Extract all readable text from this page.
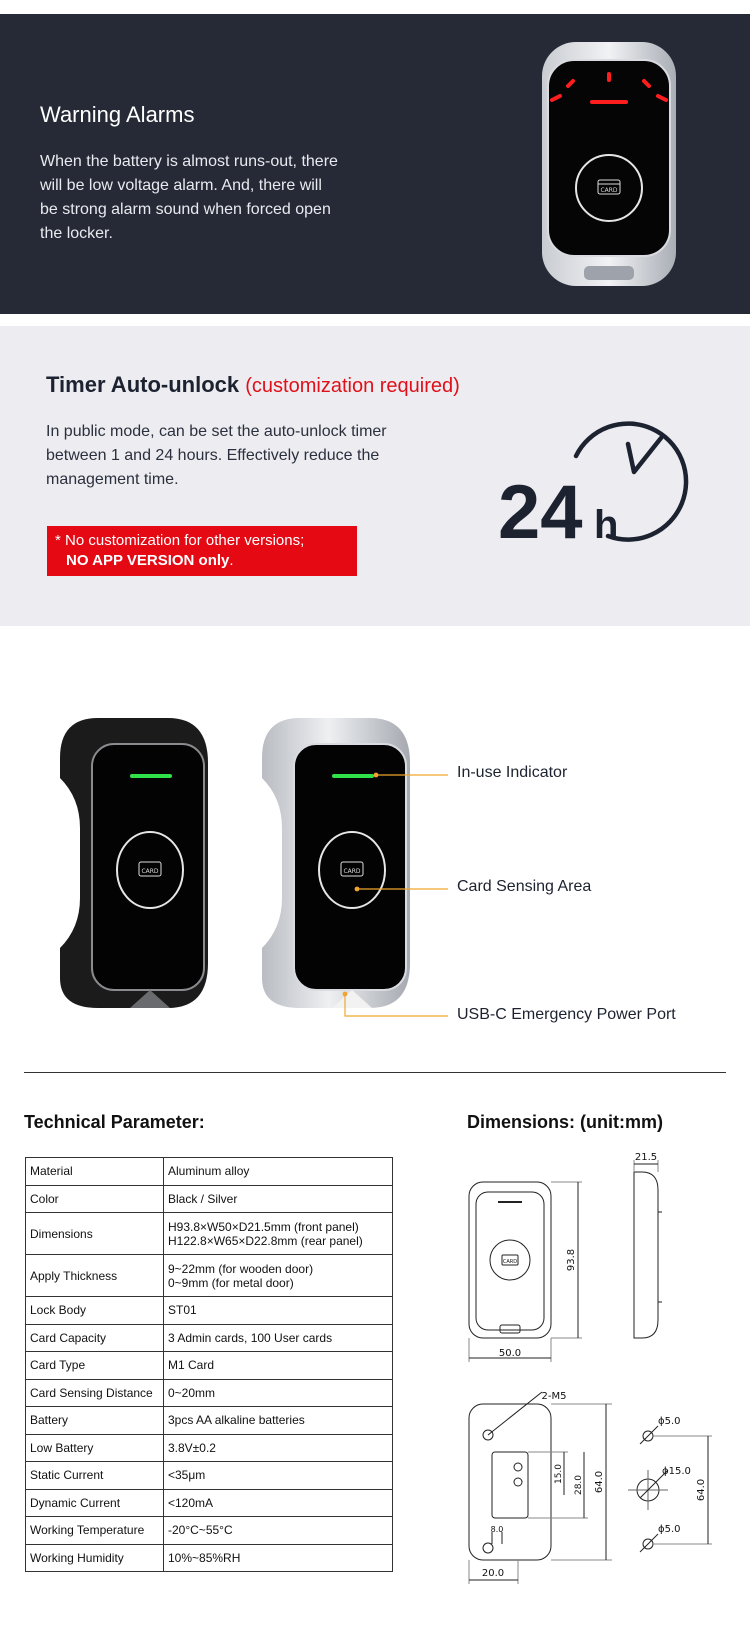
Warning Alarms

When the battery is almost runs-out, there will be low voltage alarm. And, there will be strong alarm sound when forced open the locker.

CARD
Timer Auto-unlock (customization required)

In public mode, can be set the auto-unlock timer between 1 and 24 hours. Effectively reduce the management time.

* No customization for other versions;
NO APP VERSION only.
24 h
CARD	CARD
In-use Indicator
Card Sensing Area
USB-C Emergency Power Port
Technical Parameter:	Dimensions: (unit:mm)
Material	Aluminum alloy
Color	Black / Silver
Dimensions	H93.8×W50×D21.5mm (front panel)
H122.8×W65×D22.8mm (rear panel)

Apply Thickness	9~22mm (for wooden door)
0~9mm (for metal door)

Lock Body	ST01
Card Capacity	3 Admin cards, 100 User cards
Card Type	M1 Card
Card Sensing Distance	0~20mm
Battery	3pcs AA alkaline batteries
Low Battery	3.8V±0.2
Static Current	<35μm
Dynamic Current	<120mA
Working Temperature	-20°C~55°C
Working Humidity	10%~85%RH
CARD
21.5
93.8
50.0
2-M5
15.0
28.0 64.0
8.0
20.0
ϕ5.0
ϕ15.0
ϕ5.0
64.0
